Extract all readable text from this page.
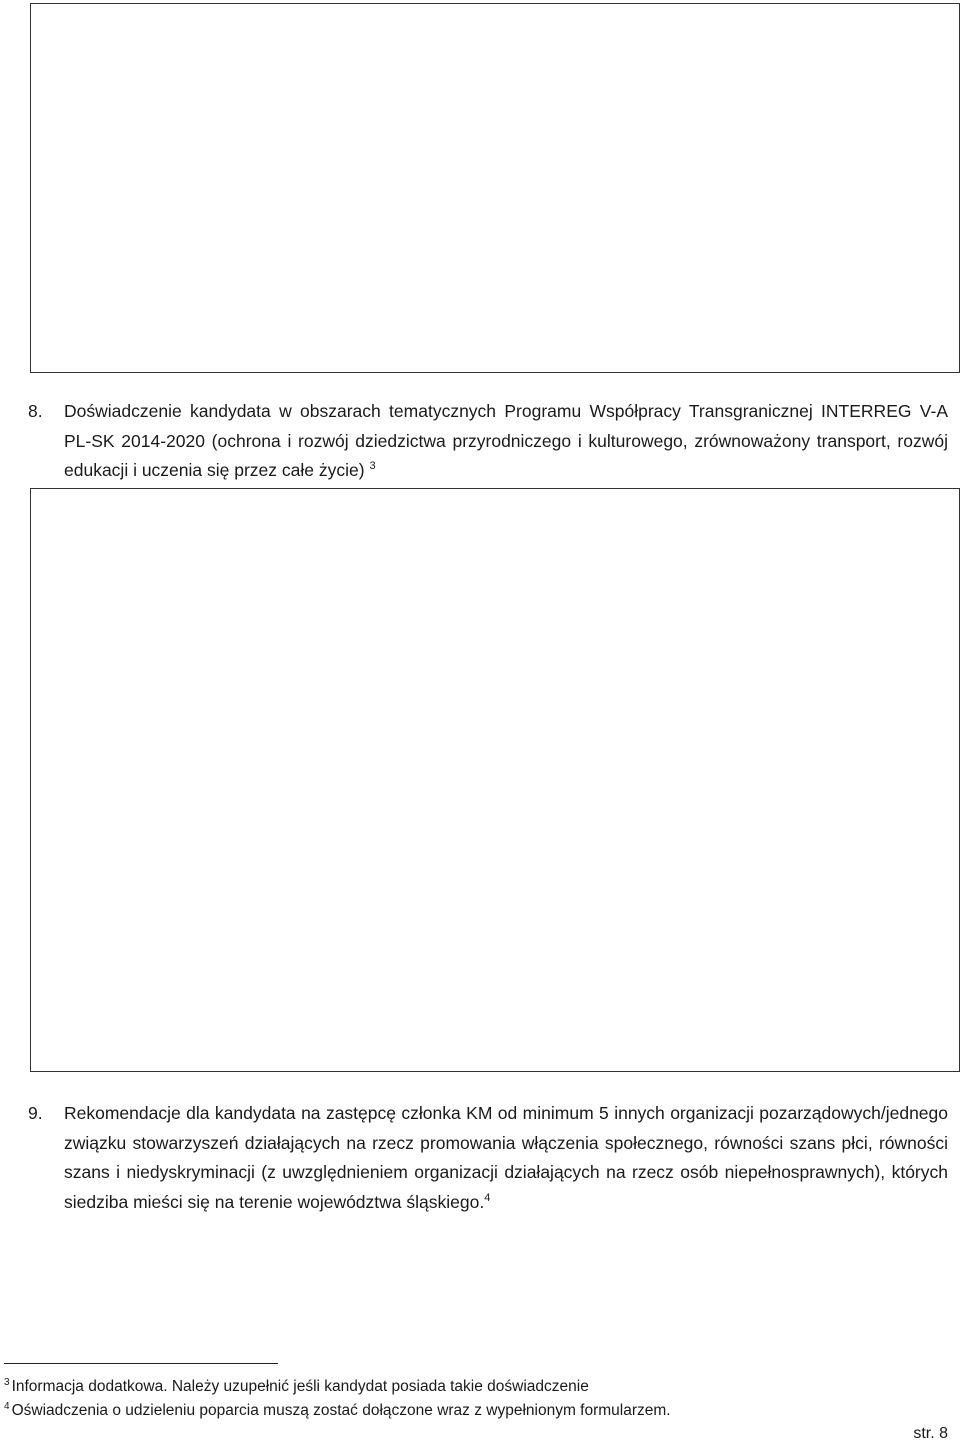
8.	Doświadczenie kandydata w obszarach tematycznych Programu Współpracy Transgranicznej INTERREG V-A PL-SK 2014-2020 (ochrona i rozwój dziedzictwa przyrodniczego i kulturowego, zrównoważony transport, rozwój edukacji i uczenia się przez całe życie) $^3$
9.	Rekomendacje dla kandydata na zastępcę członka KM od minimum 5 innych organizacji pozarządowych/jednego związku stowarzyszeń działających na rzecz promowania włączenia społecznego, równości szans płci, równości szans i niedyskryminacji (z uwzględnieniem organizacji działających na rzecz osób niepełnosprawnych), których siedziba mieści się na terenie województwa śląskiego.$^4$
$^3$ Informacja dodatkowa. Należy uzupełnić jeśli kandydat posiada takie doświadczenie
$^4$ Oświadczenia o udzieleniu poparcia muszą zostać dołączone wraz z wypełnionym formularzem.
str. 8
